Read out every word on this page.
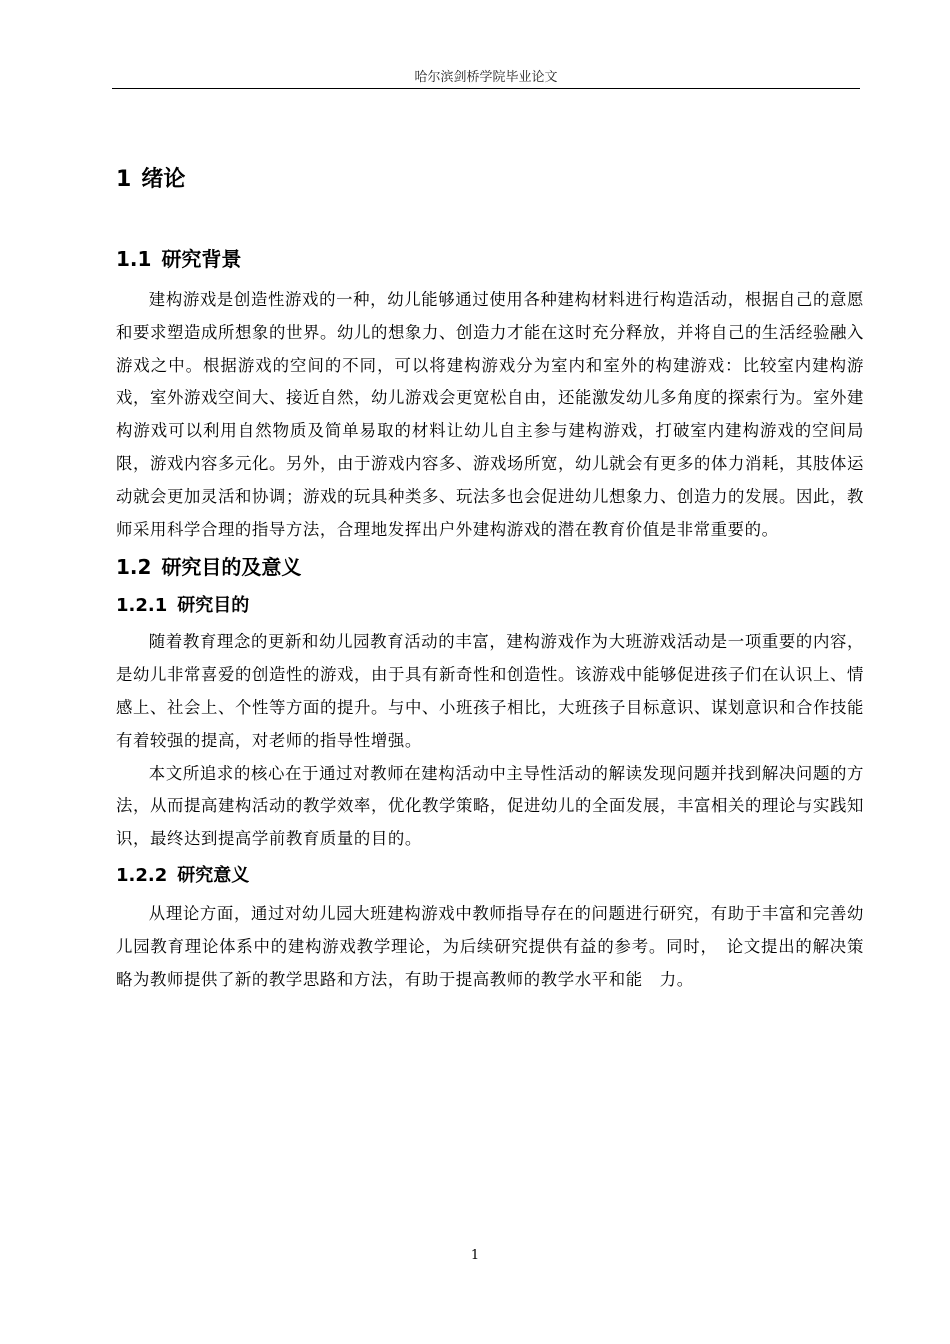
哈尔滨剑桥学院毕业论文
1 绪论
1.1 研究背景

建构游戏是创造性游戏的一种，幼儿能够通过使用各种建构材料进行构造活动，根据自己的意愿和要求塑造成所想象的世界。幼儿的想象力、创造力才能在这时充分释放，并将自己的生活经验融入游戏之中。根据游戏的空间的不同，可以将建构游戏分为室内和室外的构建游戏：比较室内建构游戏，室外游戏空间大、接近自然，幼儿游戏会更宽松自由，还能激发幼儿多角度的探索行为。室外建构游戏可以利用自然物质及简单易取的材料让幼儿自主参与建构游戏，打破室内建构游戏的空间局限，游戏内容多元化。另外，由于游戏内容多、游戏场所宽，幼儿就会有更多的体力消耗，其肢体运动就会更加灵活和协调；游戏的玩具种类多、玩法多也会促进幼儿想象力、创造力的发展。因此，教师采用科学合理的指导方法，合理地发挥出户外建构游戏的潜在教育价值是非常重要的。

1.2 研究目的及意义
1.2.1 研究目的

随着教育理念的更新和幼儿园教育活动的丰富，建构游戏作为大班游戏活动是一项重要的内容，是幼儿非常喜爱的创造性的游戏，由于具有新奇性和创造性。该游戏中能够促进孩子们在认识上、情感上、社会上、个性等方面的提升。与中、小班孩子相比，大班孩子目标意识、谋划意识和合作技能有着较强的提高，对老师的指导性增强。

本文所追求的核心在于通过对教师在建构活动中主导性活动的解读发现问题并找到解决问题的方法，从而提高建构活动的教学效率，优化教学策略，促进幼儿的全面发展，丰富相关的理论与实践知识，最终达到提高学前教育质量的目的。

1.2.2 研究意义

从理论方面，通过对幼儿园大班建构游戏中教师指导存在的问题进行研究，有助于丰富和完善幼儿园教育理论体系中的建构游戏教学理论，为后续研究提供有益的参考。同时，　论文提出的解决策略为教师提供了新的教学思路和方法，有助于提高教师的教学水平和能　力。

1
